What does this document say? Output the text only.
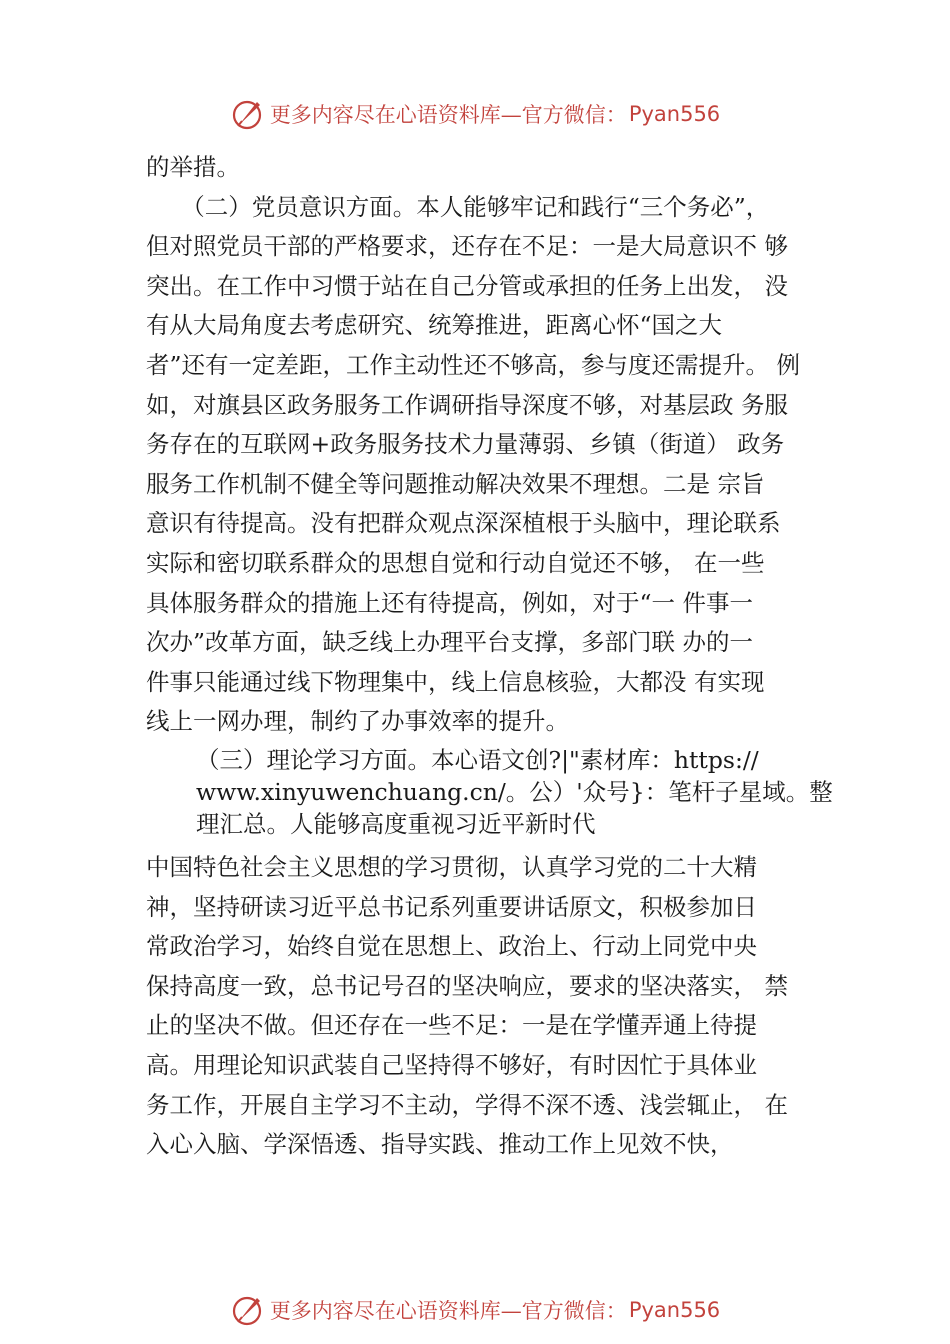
更多内容尽在心语资料库—官方微信： Pyan556
的举措。
　　（二）党员意识方面。本人能够牢记和践行“三个务必”，
但对照党员干部的严格要求，还存在不足：一是大局意识不 够
突出。在工作中习惯于站在自己分管或承担的任务上出发， 没
有从大局角度去考虑研究、统筹推进，距离心怀“国之大
者”还有一定差距，工作主动性还不够高，参与度还需提升。 例
如，对旗县区政务服务工作调研指导深度不够，对基层政 务服
务存在的互联网+政务服务技术力量薄弱、乡镇（街道） 政务
服务工作机制不健全等问题推动解决效果不理想。二是 宗旨
意识有待提高。没有把群众观点深深植根于头脑中，理论联系
实际和密切联系群众的思想自觉和行动自觉还不够， 在一些
具体服务群众的措施上还有待提高，例如，对于“一 件事一
次办”改革方面，缺乏线上办理平台支撑，多部门联 办的一
件事只能通过线下物理集中，线上信息核验，大都没 有实现
线上一网办理，制约了办事效率的提升。
（三）理论学习方面。本心语文创?|"素材库：https://
www.xinyuwenchuang.cn/。公）'众号}：笔杆子星域。整
理汇总。人能够高度重视习近平新时代
中国特色社会主义思想的学习贯彻，认真学习党的二十大精
神，坚持研读习近平总书记系列重要讲话原文，积极参加日
常政治学习，始终自觉在思想上、政治上、行动上同党中央
保持高度一致，总书记号召的坚决响应，要求的坚决落实， 禁
止的坚决不做。但还存在一些不足：一是在学懂弄通上待提
高。用理论知识武装自己坚持得不够好，有时因忙于具体业
务工作，开展自主学习不主动，学得不深不透、浅尝辄止， 在
入心入脑、学深悟透、指导实践、推动工作上见效不快，
更多内容尽在心语资料库—官方微信： Pyan556
